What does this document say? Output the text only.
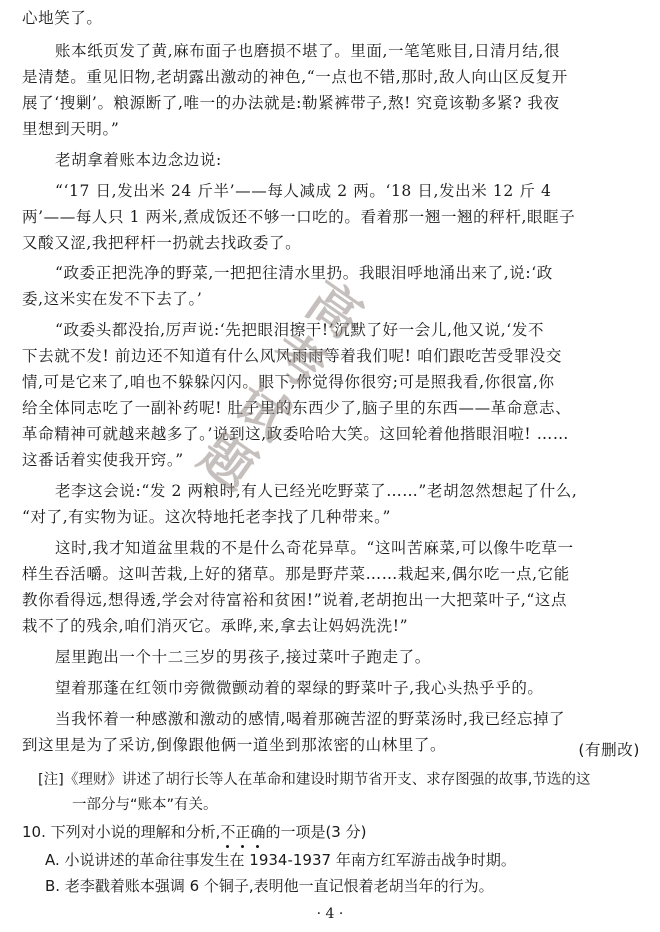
心地笑了。
账本纸页发了黄,麻布面子也磨损不堪了。里面,一笔笔账目,日清月结,很
是清楚。重见旧物,老胡露出激动的神色,“一点也不错,那时,敌人向山区反复开
展了‘搜剿’。粮源断了,唯一的办法就是:勒紧裤带子,熬! 究竟该勒多紧? 我夜
里想到天明。”
老胡拿着账本边念边说:
“‘17 日,发出米 24 斤半’——每人减成 2 两。‘18 日,发出米 12 斤 4
两’——每人只 1 两米,煮成饭还不够一口吃的。看着那一翘一翘的秤杆,眼眶子
又酸又涩,我把秤杆一扔就去找政委了。
“政委正把洗净的野菜,一把把往清水里扔。我眼泪呼地涌出来了,说:‘政
委,这米实在发不下去了。’
“政委头都没抬,厉声说:‘先把眼泪擦干!’沉默了好一会儿,他又说,‘发不
下去就不发! 前边还不知道有什么风风雨雨等着我们呢! 咱们跟吃苦受罪没交
情,可是它来了,咱也不躲躲闪闪。眼下,你觉得你很穷;可是照我看,你很富,你
给全体同志吃了一副补药呢! 肚子里的东西少了,脑子里的东西——革命意志、
革命精神可就越来越多了。’说到这,政委哈哈大笑。这回轮着他揩眼泪啦! ……
这番话着实使我开窍。”
老李这会说:“发 2 两粮时,有人已经光吃野菜了……”老胡忽然想起了什么,
“对了,有实物为证。这次特地托老李找了几种带来。”
这时,我才知道盆里栽的不是什么奇花异草。“这叫苦麻菜,可以像牛吃草一
样生吞活嚼。这叫苦栽,上好的猪草。那是野芹菜……栽起来,偶尔吃一点,它能
教你看得远,想得透,学会对待富裕和贫困!”说着,老胡抱出一大把菜叶子,“这点
栽不了的残余,咱们消灭它。承晔,来,拿去让妈妈洗洗!”
屋里跑出一个十二三岁的男孩子,接过菜叶子跑走了。
望着那蓬在红领巾旁微微颤动着的翠绿的野菜叶子,我心头热乎乎的。
当我怀着一种感激和激动的感情,喝着那碗苦涩的野菜汤时,我已经忘掉了
到这里是为了采访,倒像跟他俩一道坐到那浓密的山林里了。	(有删改)
[注]《理财》讲述了胡行长等人在革命和建设时期节省开支、求存图强的故事,节选的这
一部分与“账本”有关。
10. 下列对小说的理解和分析,不正确的一项是(3 分)
A. 小说讲述的革命往事发生在 1934-1937 年南方红军游击战争时期。
· 4 ·
高考试题
B. 老李戳着账本强调 6 个铜子,表明他一直记恨着老胡当年的行为。
